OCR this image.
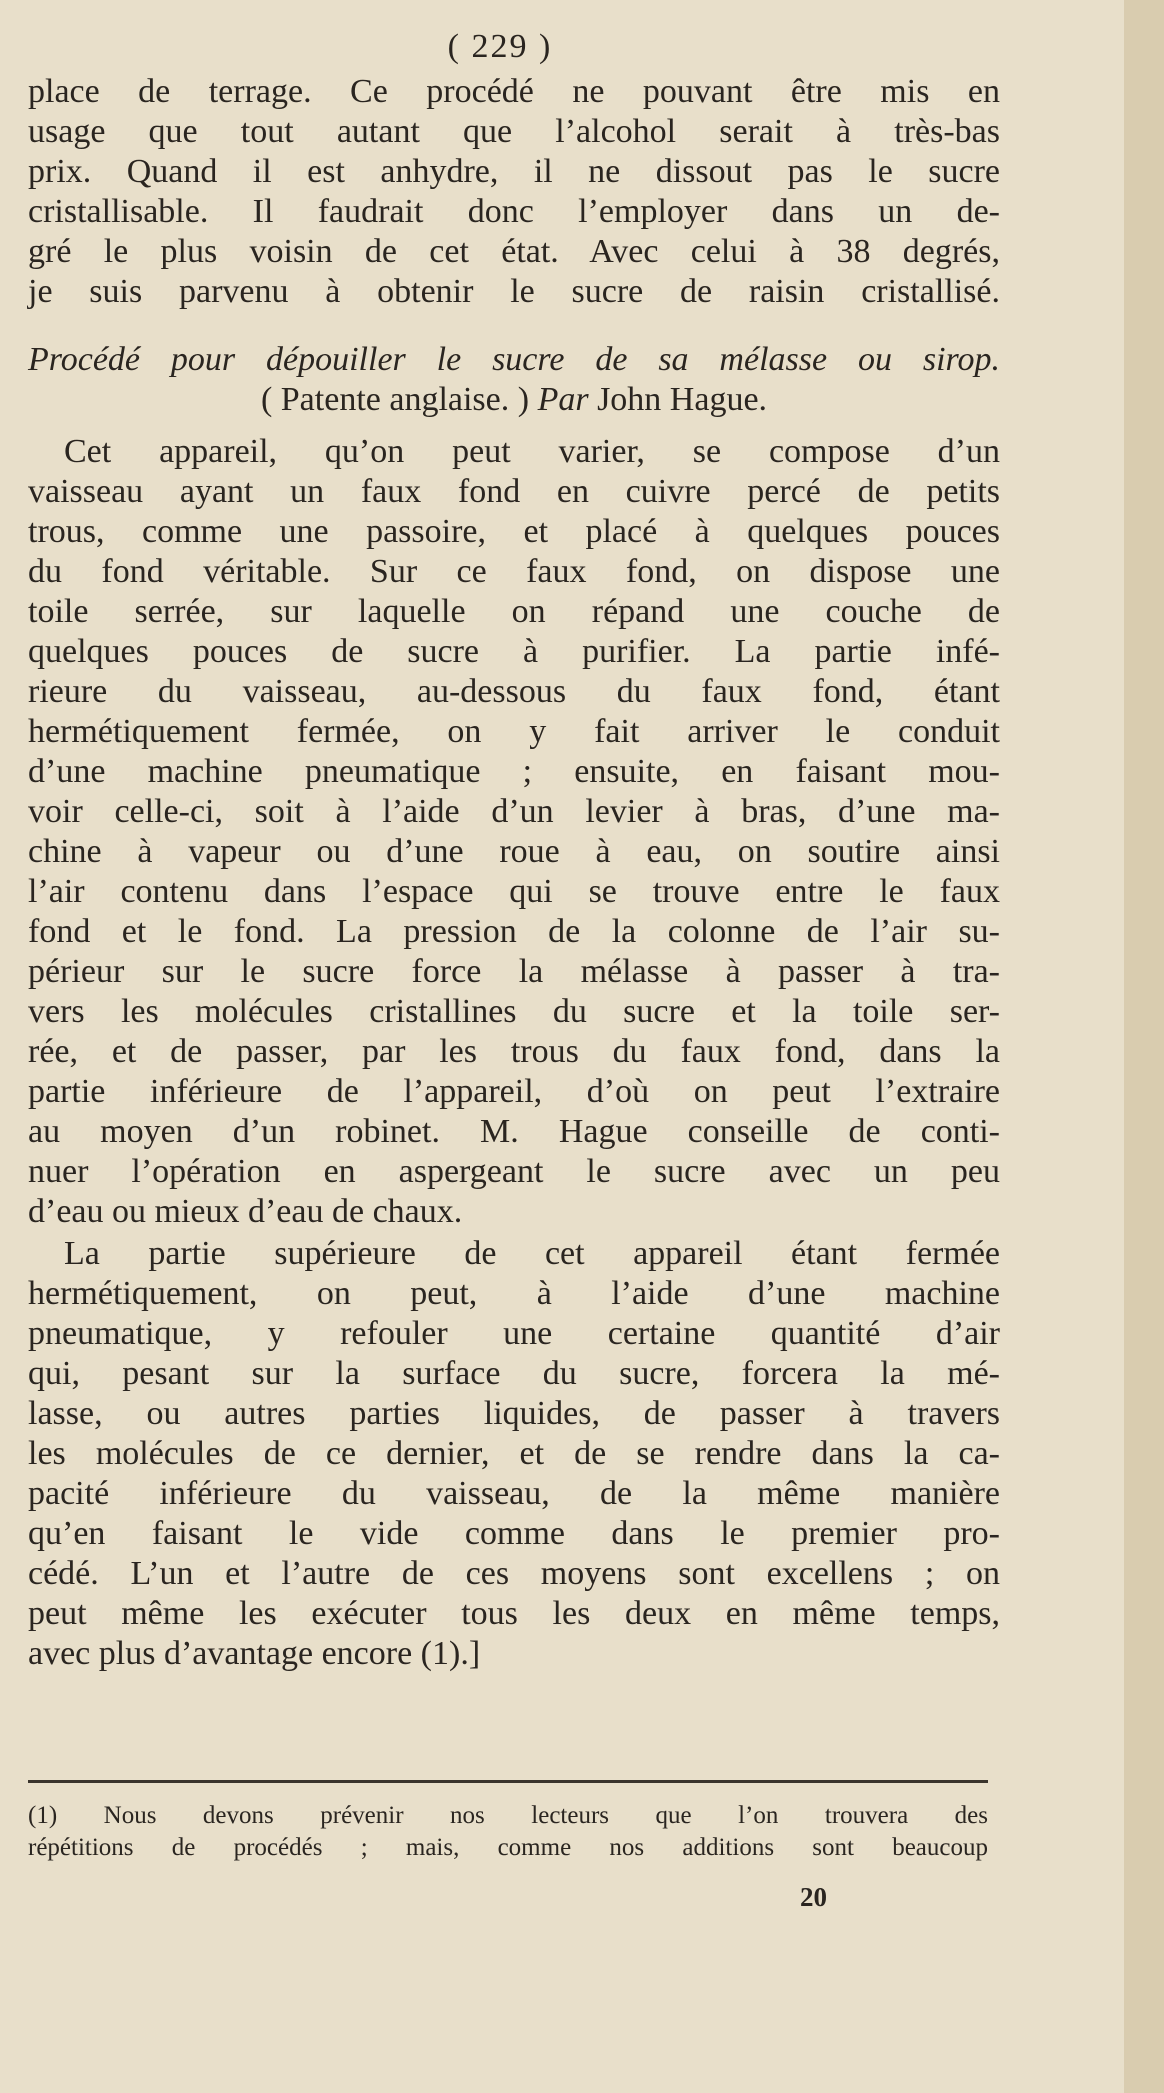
( 229 )
place de terrage. Ce procédé ne pouvant être mis en
usage que tout autant que l’alcohol serait à très-bas
prix. Quand il est anhydre, il ne dissout pas le sucre
cristallisable. Il faudrait donc l’employer dans un de-
gré le plus voisin de cet état. Avec celui à 38 degrés,
je suis parvenu à obtenir le sucre de raisin cristallisé.
Procédé pour dépouiller le sucre de sa mélasse ou sirop.
( Patente anglaise. ) Par John Hague.
Cet appareil, qu’on peut varier, se compose d’un
vaisseau ayant un faux fond en cuivre percé de petits
trous, comme une passoire, et placé à quelques pouces
du fond véritable. Sur ce faux fond, on dispose une
toile serrée, sur laquelle on répand une couche de
quelques pouces de sucre à purifier. La partie infé-
rieure du vaisseau, au-dessous du faux fond, étant
hermétiquement fermée, on y fait arriver le conduit
d’une machine pneumatique ; ensuite, en faisant mou-
voir celle-ci, soit à l’aide d’un levier à bras, d’une ma-
chine à vapeur ou d’une roue à eau, on soutire ainsi
l’air contenu dans l’espace qui se trouve entre le faux
fond et le fond. La pression de la colonne de l’air su-
périeur sur le sucre force la mélasse à passer à tra-
vers les molécules cristallines du sucre et la toile ser-
rée, et de passer, par les trous du faux fond, dans la
partie inférieure de l’appareil, d’où on peut l’extraire
au moyen d’un robinet. M. Hague conseille de conti-
nuer l’opération en aspergeant le sucre avec un peu
d’eau ou mieux d’eau de chaux.
La partie supérieure de cet appareil étant fermée
hermétiquement, on peut, à l’aide d’une machine
pneumatique, y refouler une certaine quantité d’air
qui, pesant sur la surface du sucre, forcera la mé-
lasse, ou autres parties liquides, de passer à travers
les molécules de ce dernier, et de se rendre dans la ca-
pacité inférieure du vaisseau, de la même manière
qu’en faisant le vide comme dans le premier pro-
cédé. L’un et l’autre de ces moyens sont excellens ; on
peut même les exécuter tous les deux en même temps,
avec plus d’avantage encore (1).]
(1) Nous devons prévenir nos lecteurs que l’on trouvera des
répétitions de procédés ; mais, comme nos additions sont beaucoup
20
